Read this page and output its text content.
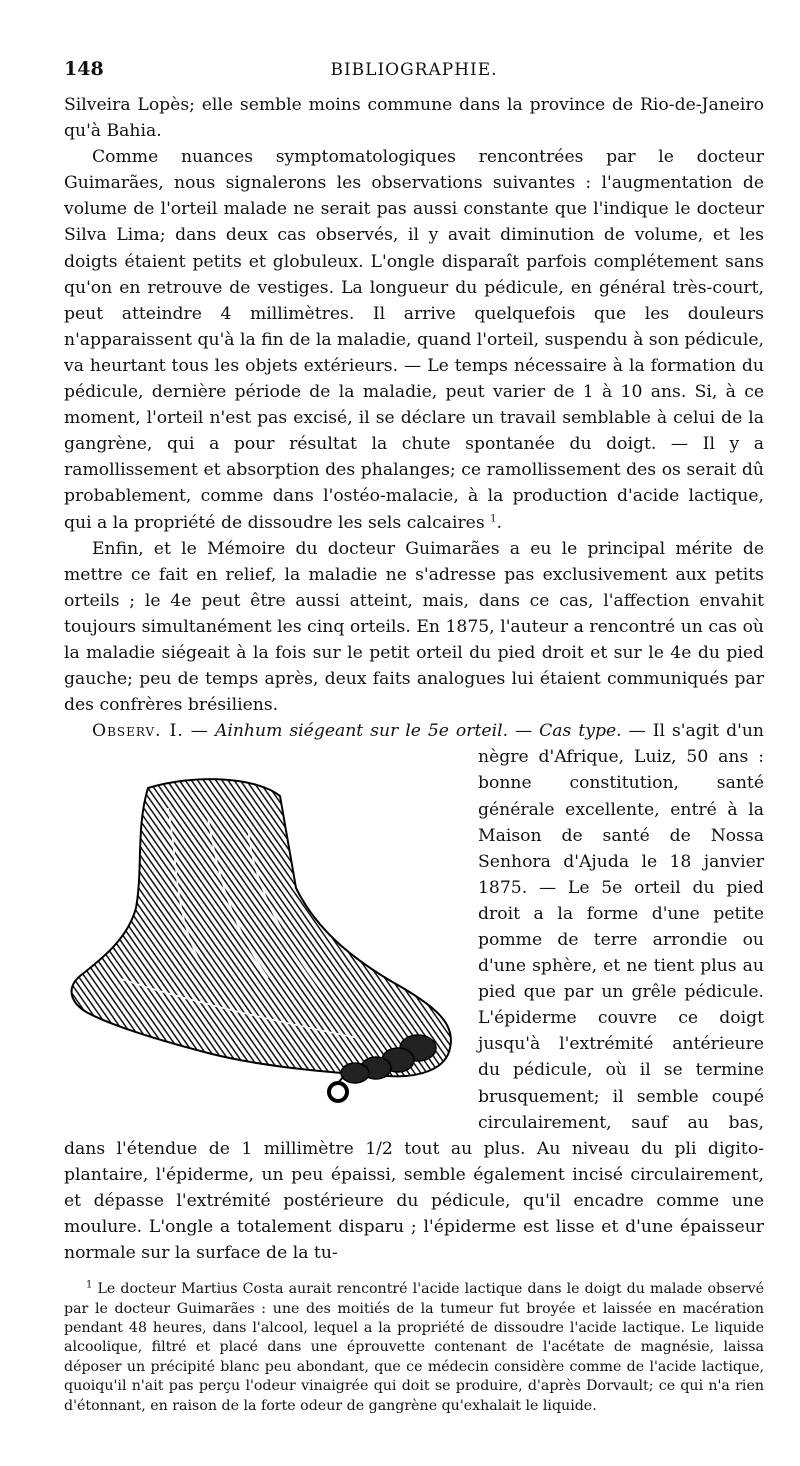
148	BIBLIOGRAPHIE.

Silveira Lopès; elle semble moins commune dans la province de Rio-de-Janeiro qu'à Bahia.

Comme nuances symptomatologiques rencontrées par le docteur Guimarães, nous signalerons les observations suivantes : l'augmentation de volume de l'orteil malade ne serait pas aussi constante que l'indique le docteur Silva Lima; dans deux cas observés, il y avait diminution de volume, et les doigts étaient petits et globuleux. L'ongle disparaît parfois complétement sans qu'on en retrouve de vestiges. La longueur du pédicule, en général très-court, peut atteindre 4 millimètres. Il arrive quelquefois que les douleurs n'apparaissent qu'à la fin de la maladie, quand l'orteil, suspendu à son pédicule, va heurtant tous les objets extérieurs. — Le temps nécessaire à la formation du pédicule, dernière période de la maladie, peut varier de 1 à 10 ans. Si, à ce moment, l'orteil n'est pas excisé, il se déclare un travail semblable à celui de la gangrène, qui a pour résultat la chute spontanée du doigt. — Il y a ramollissement et absorption des phalanges; ce ramollissement des os serait dû probablement, comme dans l'ostéo-malacie, à la production d'acide lactique, qui a la propriété de dissoudre les sels calcaires $^1$.

Enfin, et le Mémoire du docteur Guimarães a eu le principal mérite de mettre ce fait en relief, la maladie ne s'adresse pas exclusivement aux petits orteils ; le 4e peut être aussi atteint, mais, dans ce cas, l'affection envahit toujours simultanément les cinq orteils. En 1875, l'auteur a rencontré un cas où la maladie siégeait à la fois sur le petit orteil du pied droit et sur le 4e du pied gauche; peu de temps après, deux faits analogues lui étaient communiqués par des confrères brésiliens.

Observ. I. — Ainhum siégeant sur le 5e orteil. — Cas type. —
Il s'agit d'un nègre d'Afrique, Luiz, 50 ans : bonne constitution, santé générale excellente, entré à la Maison de santé de Nossa Senhora d'Ajuda le 18 janvier 1875. — Le 5e orteil du pied droit a la forme d'une petite pomme de terre arrondie ou d'une sphère, et ne tient plus au pied que par un grêle pédicule. L'épiderme couvre ce doigt jusqu'à l'extrémité antérieure du pédicule, où il se termine brusquement; il semble coupé circulairement, sauf au bas, dans l'étendue de 1 millimètre 1/2 tout au plus. Au niveau du pli digito-plantaire, l'épiderme, un peu épaissi, semble également incisé circulairement, et dépasse l'extrémité postérieure du pédicule, qu'il encadre comme une moulure. L'ongle a totalement disparu ; l'épiderme est lisse et d'une épaisseur normale sur la surface de la tu-

$^1$ Le docteur Martius Costa aurait rencontré l'acide lactique dans le doigt du malade observé par le docteur Guimarães : une des moitiés de la tumeur fut broyée et laissée en macération pendant 48 heures, dans l'alcool, lequel a la propriété de dissoudre l'acide lactique. Le liquide alcoolique, filtré et placé dans une éprouvette contenant de l'acétate de magnésie, laissa déposer un précipité blanc peu abondant, que ce médecin considère comme de l'acide lactique, quoiqu'il n'ait pas perçu l'odeur vinaigrée qui doit se produire, d'après Dorvault; ce qui n'a rien d'étonnant, en raison de la forte odeur de gangrène qu'exhalait le liquide.
